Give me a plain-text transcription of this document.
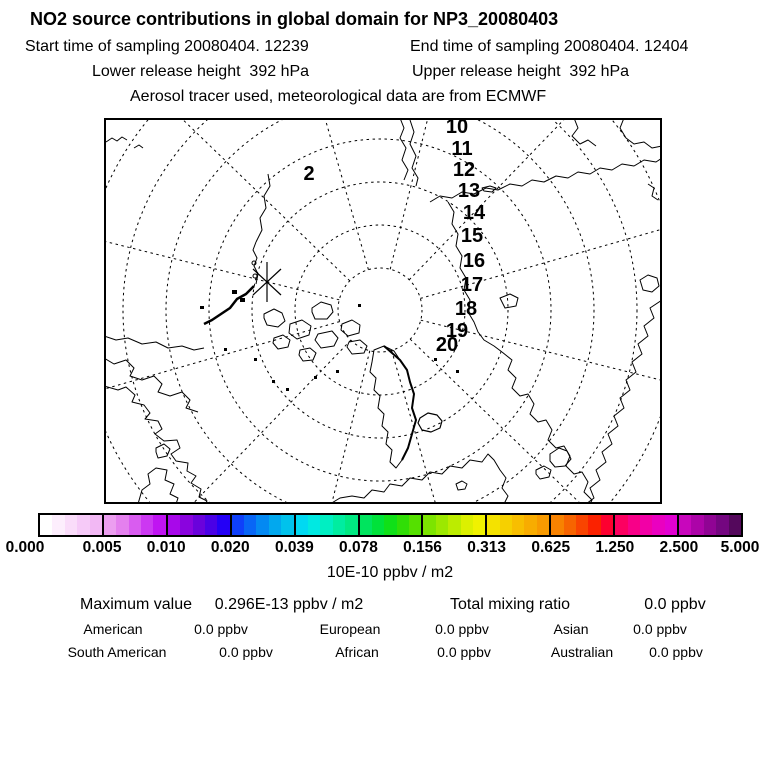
NO2 source contributions in global domain for NP3_20080403
Start time of sampling 20080404. 12239	End time of sampling 20080404. 12404
Lower release height  392 hPa	Upper release height  392 hPa
Aerosol tracer used, meteorological data are from ECMWF
2
10
11
12
13
14
15
16
17
18
19
20
0.000 0.005 0.010 0.020 0.039 0.078 0.156 0.313 0.625 1.250 2.500 5.000
10E-10 ppbv / m2
Maximum value 0.296E-13 ppbv / m2	Total mixing ratio	0.0 ppbv
American	0.0 ppbv	European	0.0 ppbv	Asian	0.0 ppbv
South American	0.0 ppbv	African	0.0 ppbv	Australian	0.0 ppbv
